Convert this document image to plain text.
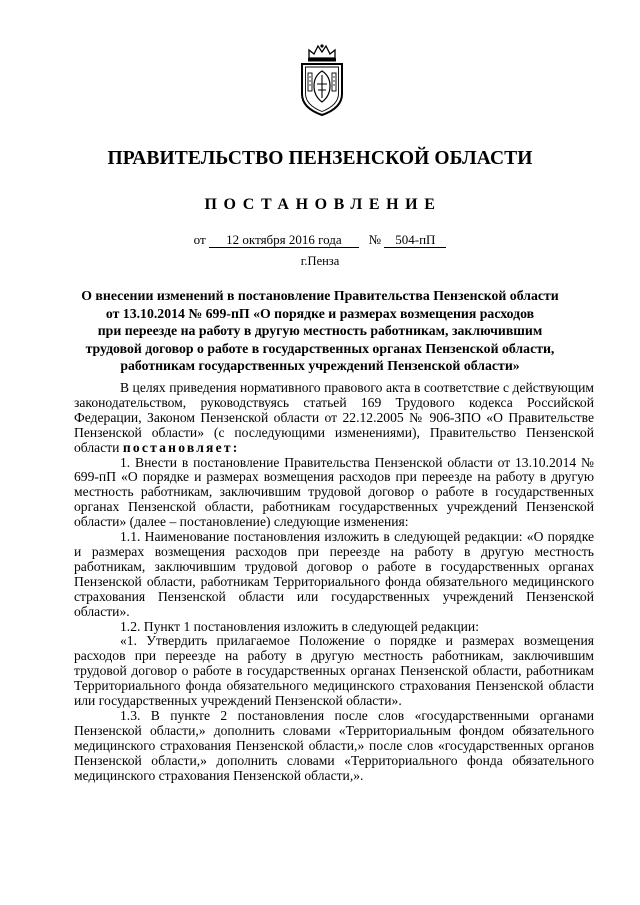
ПРАВИТЕЛЬСТВО ПЕНЗЕНСКОЙ ОБЛАСТИ
ПОСТАНОВЛЕНИЕ
от 12 октября 2016 года № 504-пП
г.Пенза
О внесении изменений в постановление Правительства Пензенской области
от 13.10.2014 № 699-пП «О порядке и размерах возмещения расходов
при переезде на работу в другую местность работникам, заключившим
трудовой договор о работе в государственных органах Пензенской области,
работникам государственных учреждений Пензенской области»

В целях приведения нормативного правового акта в соответствие с действующим законодательством, руководствуясь статьей 169 Трудового кодекса Российской Федерации, Законом Пензенской области от 22.12.2005 № 906-ЗПО «О Правительстве Пензенской области» (с последующими изменениями), Правительство Пензенской области постановляет:

1. Внести в постановление Правительства Пензенской области от 13.10.2014 № 699-пП «О порядке и размерах возмещения расходов при переезде на работу в другую местность работникам, заключившим трудовой договор о работе в государственных органах Пензенской области, работникам государственных учреждений Пензенской области» (далее – постановление) следующие изменения:

1.1. Наименование постановления изложить в следующей редакции: «О порядке и размерах возмещения расходов при переезде на работу в другую местность работникам, заключившим трудовой договор о работе в государственных органах Пензенской области, работникам Территориального фонда обязательного медицинского страхования Пензенской области или государственных учреждений Пензенской области».

1.2. Пункт 1 постановления изложить в следующей редакции:

«1. Утвердить прилагаемое Положение о порядке и размерах возмещения расходов при переезде на работу в другую местность работникам, заключившим трудовой договор о работе в государственных органах Пензенской области, работникам Территориального фонда обязательного медицинского страхования Пензенской области или государственных учреждений Пензенской области».

1.3. В пункте 2 постановления после слов «государственными органами Пензенской области,» дополнить словами «Территориальным фондом обязательного медицинского страхования Пензенской области,» после слов «государственных органов Пензенской области,» дополнить словами «Территориального фонда обязательного медицинского страхования Пензенской области,».
